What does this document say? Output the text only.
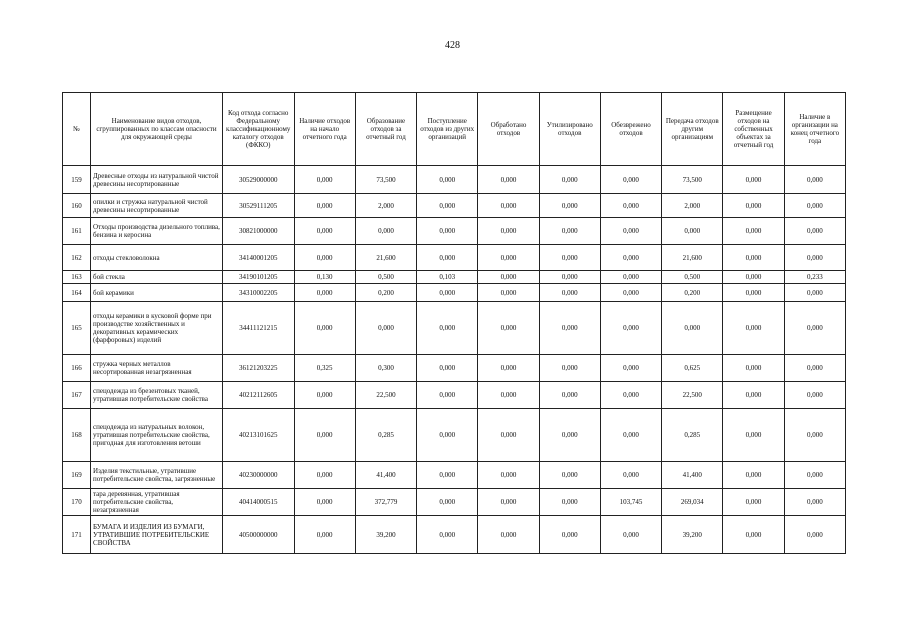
428
№	Наименование видов отходов, сгруппированных по классам опасности для окружающей среды	Код отхода согласно Федеральному классификационному каталогу отходов (ФККО)	Наличие отходов на начало отчетного года	Образование отходов за отчетный год	Поступление отходов из других организаций	Обработано отходов	Утилизировано отходов	Обезврежено отходов	Передача отходов другим организациям	Размещение отходов на собственных объектах за отчетный год	Наличие в организации на конец отчетного года
159	Древесные отходы из натуральной чистой древесины несортированные	30529000000	0,000	73,500	0,000	0,000	0,000	0,000	73,500	0,000	0,000
160	опилки и стружка натуральной чистой древесины несортированные	30529111205	0,000	2,000	0,000	0,000	0,000	0,000	2,000	0,000	0,000
161	Отходы производства дизельного топлива, бензина и керосина	30821000000	0,000	0,000	0,000	0,000	0,000	0,000	0,000	0,000	0,000
162	отходы стекловолокна	34140001205	0,000	21,600	0,000	0,000	0,000	0,000	21,600	0,000	0,000
163	бой стекла	34190101205	0,130	0,500	0,103	0,000	0,000	0,000	0,500	0,000	0,233
164	бой керамики	34310002205	0,000	0,200	0,000	0,000	0,000	0,000	0,200	0,000	0,000
165	отходы керамики в кусковой форме при производстве хозяйственных и декоративных керамических (фарфоровых) изделий	34411121215	0,000	0,000	0,000	0,000	0,000	0,000	0,000	0,000	0,000
166	стружка черных металлов несортированная незагрязненная	36121203225	0,325	0,300	0,000	0,000	0,000	0,000	0,625	0,000	0,000
167	спецодежда из брезентовых тканей, утратившая потребительские свойства	40212112605	0,000	22,500	0,000	0,000	0,000	0,000	22,500	0,000	0,000
168	спецодежда из натуральных волокон, утратившая потребительские свойства, пригодная для изготовления ветоши	40213101625	0,000	0,285	0,000	0,000	0,000	0,000	0,285	0,000	0,000
169	Изделия текстильные, утратившие потребительские свойства, загрязненные	40230000000	0,000	41,400	0,000	0,000	0,000	0,000	41,400	0,000	0,000
170	тара деревянная, утратившая потребительские свойства, незагрязненная	40414000515	0,000	372,779	0,000	0,000	0,000	103,745	269,034	0,000	0,000
171	БУМАГА И ИЗДЕЛИЯ ИЗ БУМАГИ, УТРАТИВШИЕ ПОТРЕБИТЕЛЬСКИЕ СВОЙСТВА	40500000000	0,000	39,200	0,000	0,000	0,000	0,000	39,200	0,000	0,000
